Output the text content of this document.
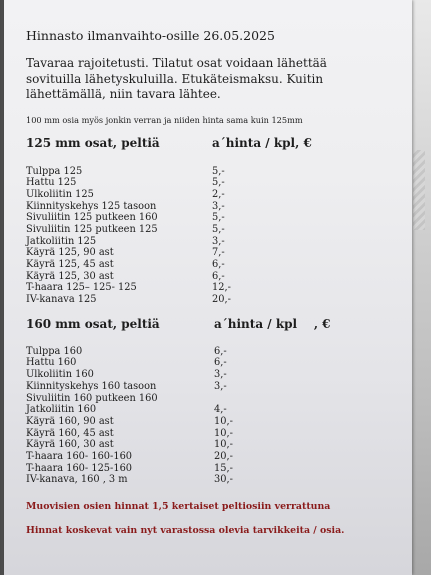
Hinnasto ilmanvaihto-osille 26.05.2025
Tavaraa rajoitetusti. Tilatut osat voidaan lähettää sovituilla lähetyskuluilla. Etukäteismaksu. Kuitin lähettämällä, niin tavara lähtee.
100 mm osia myös jonkin verran ja niiden hinta sama kuin 125mm
125 mm osat, peltiä	a´hinta / kpl, €
Tulppa 125	5,-
Hattu 125	5,-
Ulkoliitin 125	2,-
Kiinnityskehys 125 tasoon	3,-
Sivuliitin 125 putkeen 160	5,-
Sivuliitin 125 putkeen 125	5,-
Jatkoliitin 125	3,-
Käyrä 125, 90 ast	7,-
Käyrä 125, 45 ast	6,-
Käyrä 125, 30 ast	6,-
T-haara 125– 125- 125	12,-
IV-kanava 125	20,-
160 mm osat, peltiä	a´hinta / kpl    , €
Tulppa 160	6,-
Hattu 160	6,-
Ulkoliitin 160	3,-
Kiinnityskehys 160 tasoon	3,-
Sivuliitin 160 putkeen 160
Jatkoliitin 160	4,-
Käyrä 160, 90 ast	10,-
Käyrä 160, 45 ast	10,-
Käyrä 160, 30 ast	10,-
T-haara 160- 160-160	20,-
T-haara 160- 125-160	15,-
IV-kanava, 160 , 3 m	30,-
Muovisien osien hinnat 1,5 kertaiset peltiosiin verrattuna
Hinnat koskevat vain nyt varastossa olevia tarvikkeita / osia.
